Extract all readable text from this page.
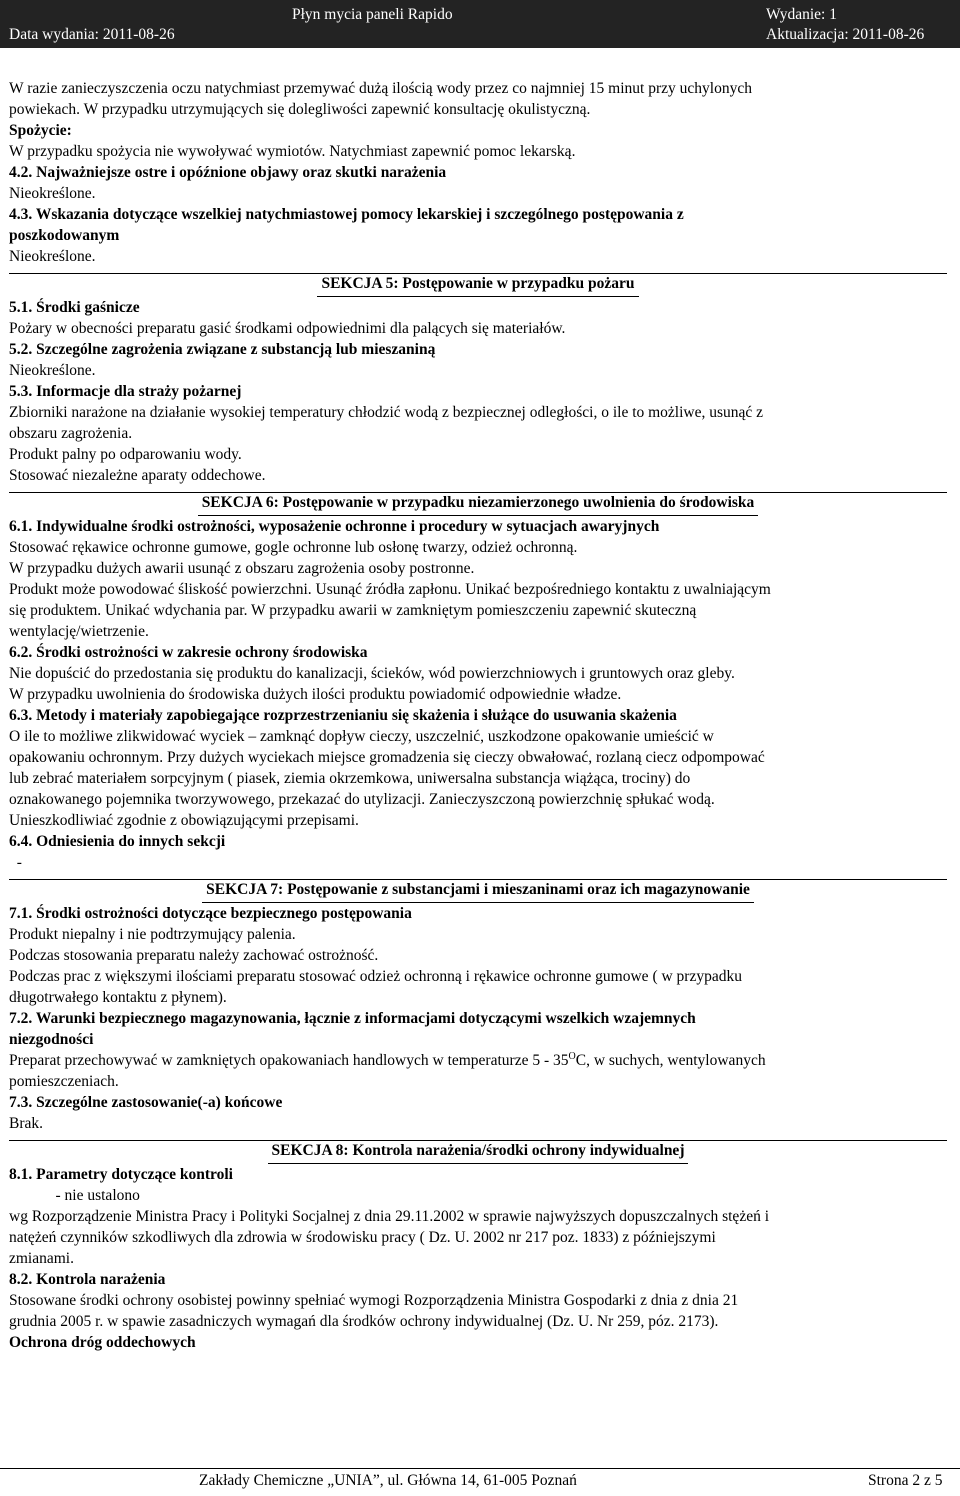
Płyn mycia paneli Rapido	Wydanie: 1
Data wydania: 2011-08-26	Aktualizacja: 2011-08-26
W razie zanieczyszczenia oczu natychmiast przemywać dużą ilością wody przez co najmniej 15 minut przy uchylonych
powiekach. W przypadku utrzymujących się dolegliwości zapewnić konsultację okulistyczną.
Spożycie:
W przypadku spożycia nie wywoływać wymiotów. Natychmiast zapewnić pomoc lekarską.
4.2. Najważniejsze ostre i opóźnione objawy oraz skutki narażenia
Nieokreślone.
4.3. Wskazania dotyczące wszelkiej natychmiastowej pomocy lekarskiej i szczególnego postępowania z
poszkodowanym
Nieokreślone.
SEKCJA 5: Postępowanie w przypadku pożaru
5.1. Środki gaśnicze
Pożary w obecności preparatu gasić środkami odpowiednimi dla palących się materiałów.
5.2. Szczególne zagrożenia związane z substancją lub mieszaniną
Nieokreślone.
5.3. Informacje dla straży pożarnej
Zbiorniki narażone na działanie wysokiej temperatury chłodzić wodą z bezpiecznej odległości, o ile to możliwe, usunąć z
obszaru zagrożenia.
Produkt palny po odparowaniu wody.
Stosować niezależne aparaty oddechowe.
SEKCJA 6: Postępowanie w przypadku niezamierzonego uwolnienia do środowiska
6.1. Indywidualne środki ostrożności, wyposażenie ochronne i procedury w sytuacjach awaryjnych
Stosować rękawice ochronne gumowe, gogle ochronne lub osłonę twarzy, odzież ochronną.
W przypadku dużych awarii usunąć z obszaru zagrożenia osoby postronne.
Produkt może powodować śliskość powierzchni. Usunąć źródła zapłonu. Unikać bezpośredniego kontaktu z uwalniającym
się produktem. Unikać wdychania par. W przypadku awarii w zamkniętym pomieszczeniu zapewnić skuteczną
wentylację/wietrzenie.
6.2. Środki ostrożności w zakresie ochrony środowiska
Nie dopuścić do przedostania się produktu do kanalizacji, ścieków, wód powierzchniowych i gruntowych oraz gleby.
W przypadku uwolnienia do środowiska dużych ilości produktu powiadomić odpowiednie władze.
6.3. Metody i materiały zapobiegające rozprzestrzenianiu się skażenia i służące do usuwania skażenia
O ile to możliwe zlikwidować wyciek – zamknąć dopływ cieczy, uszczelnić, uszkodzone opakowanie umieścić w
opakowaniu ochronnym. Przy dużych wyciekach miejsce gromadzenia się cieczy obwałować, rozlaną ciecz odpompować
lub zebrać materiałem sorpcyjnym ( piasek, ziemia okrzemkowa, uniwersalna substancja wiążąca, trociny) do
oznakowanego pojemnika tworzywowego, przekazać do utylizacji. Zanieczyszczoną powierzchnię spłukać wodą.
Unieszkodliwiać zgodnie z obowiązującymi przepisami.
6.4. Odniesienia do innych sekcji
-
SEKCJA 7: Postępowanie z substancjami i mieszaninami oraz ich magazynowanie
7.1. Środki ostrożności dotyczące bezpiecznego postępowania
Produkt niepalny i nie podtrzymujący palenia.
Podczas stosowania preparatu należy zachować ostrożność.
Podczas prac z większymi ilościami preparatu stosować odzież ochronną i rękawice ochronne gumowe ( w przypadku
długotrwałego kontaktu z płynem).
7.2. Warunki bezpiecznego magazynowania, łącznie z informacjami dotyczącymi wszelkich wzajemnych
niezgodności
Preparat przechowywać w zamkniętych opakowaniach handlowych w temperaturze $5 - 35^OC$, w suchych, wentylowanych
pomieszczeniach.
7.3. Szczególne zastosowanie(-a) końcowe
Brak.
SEKCJA 8: Kontrola narażenia/środki ochrony indywidualnej
8.1. Parametry dotyczące kontroli
- nie ustalono
wg Rozporządzenie Ministra Pracy i Polityki Socjalnej z dnia 29.11.2002 w sprawie najwyższych dopuszczalnych stężeń i
natężeń czynników szkodliwych dla zdrowia w środowisku pracy ( Dz. U. 2002 nr 217 poz. 1833) z późniejszymi
zmianami.
8.2. Kontrola narażenia
Stosowane środki ochrony osobistej powinny spełniać wymogi Rozporządzenia Ministra Gospodarki z dnia z dnia 21
grudnia 2005 r. w spawie zasadniczych wymagań dla środków ochrony indywidualnej (Dz. U. Nr 259, póz. 2173).
Ochrona dróg oddechowych
Zakłady Chemiczne „UNIA”, ul. Główna 14, 61-005 Poznań	Strona 2 z 5
